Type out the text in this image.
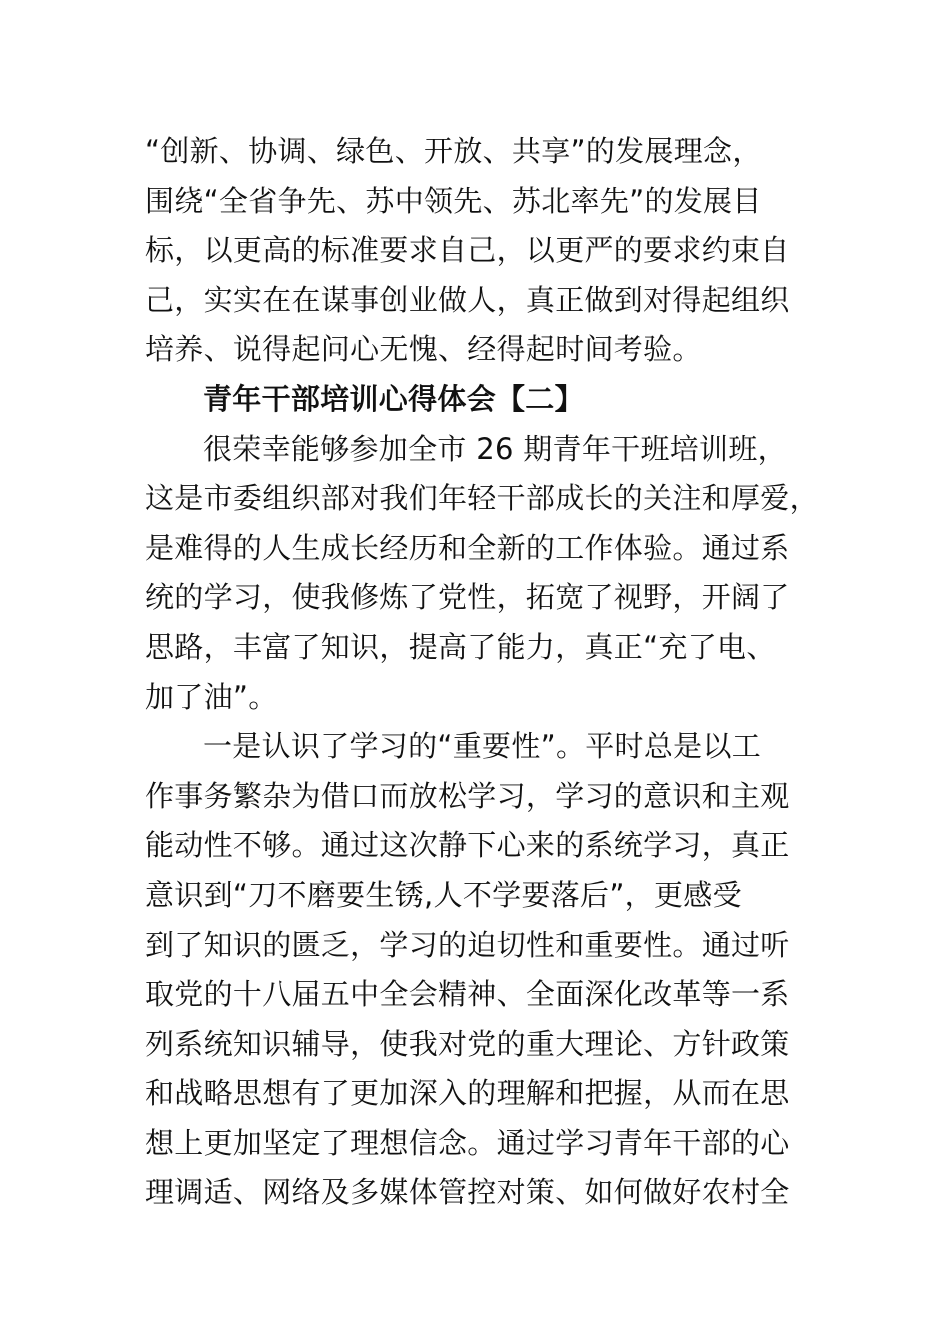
“创新、协调、绿色、开放、共享”的发展理念，
围绕“全省争先、苏中领先、苏北率先”的发展目
标，以更高的标准要求自己，以更严的要求约束自
己，实实在在谋事创业做人，真正做到对得起组织
培养、说得起问心无愧、经得起时间考验。
青年干部培训心得体会【二】
很荣幸能够参加全市 26 期青年干班培训班，
这是市委组织部对我们年轻干部成长的关注和厚爱，
是难得的人生成长经历和全新的工作体验。通过系
统的学习，使我修炼了党性，拓宽了视野，开阔了
思路，丰富了知识，提高了能力，真正“充了电、
加了油”。
一是认识了学习的“重要性”。平时总是以工
作事务繁杂为借口而放松学习，学习的意识和主观
能动性不够。通过这次静下心来的系统学习，真正
意识到“刀不磨要生锈,人不学要落后”，更感受
到了知识的匮乏，学习的迫切性和重要性。通过听
取党的十八届五中全会精神、全面深化改革等一系
列系统知识辅导，使我对党的重大理论、方针政策
和战略思想有了更加深入的理解和把握，从而在思
想上更加坚定了理想信念。通过学习青年干部的心
理调适、网络及多媒体管控对策、如何做好农村全
